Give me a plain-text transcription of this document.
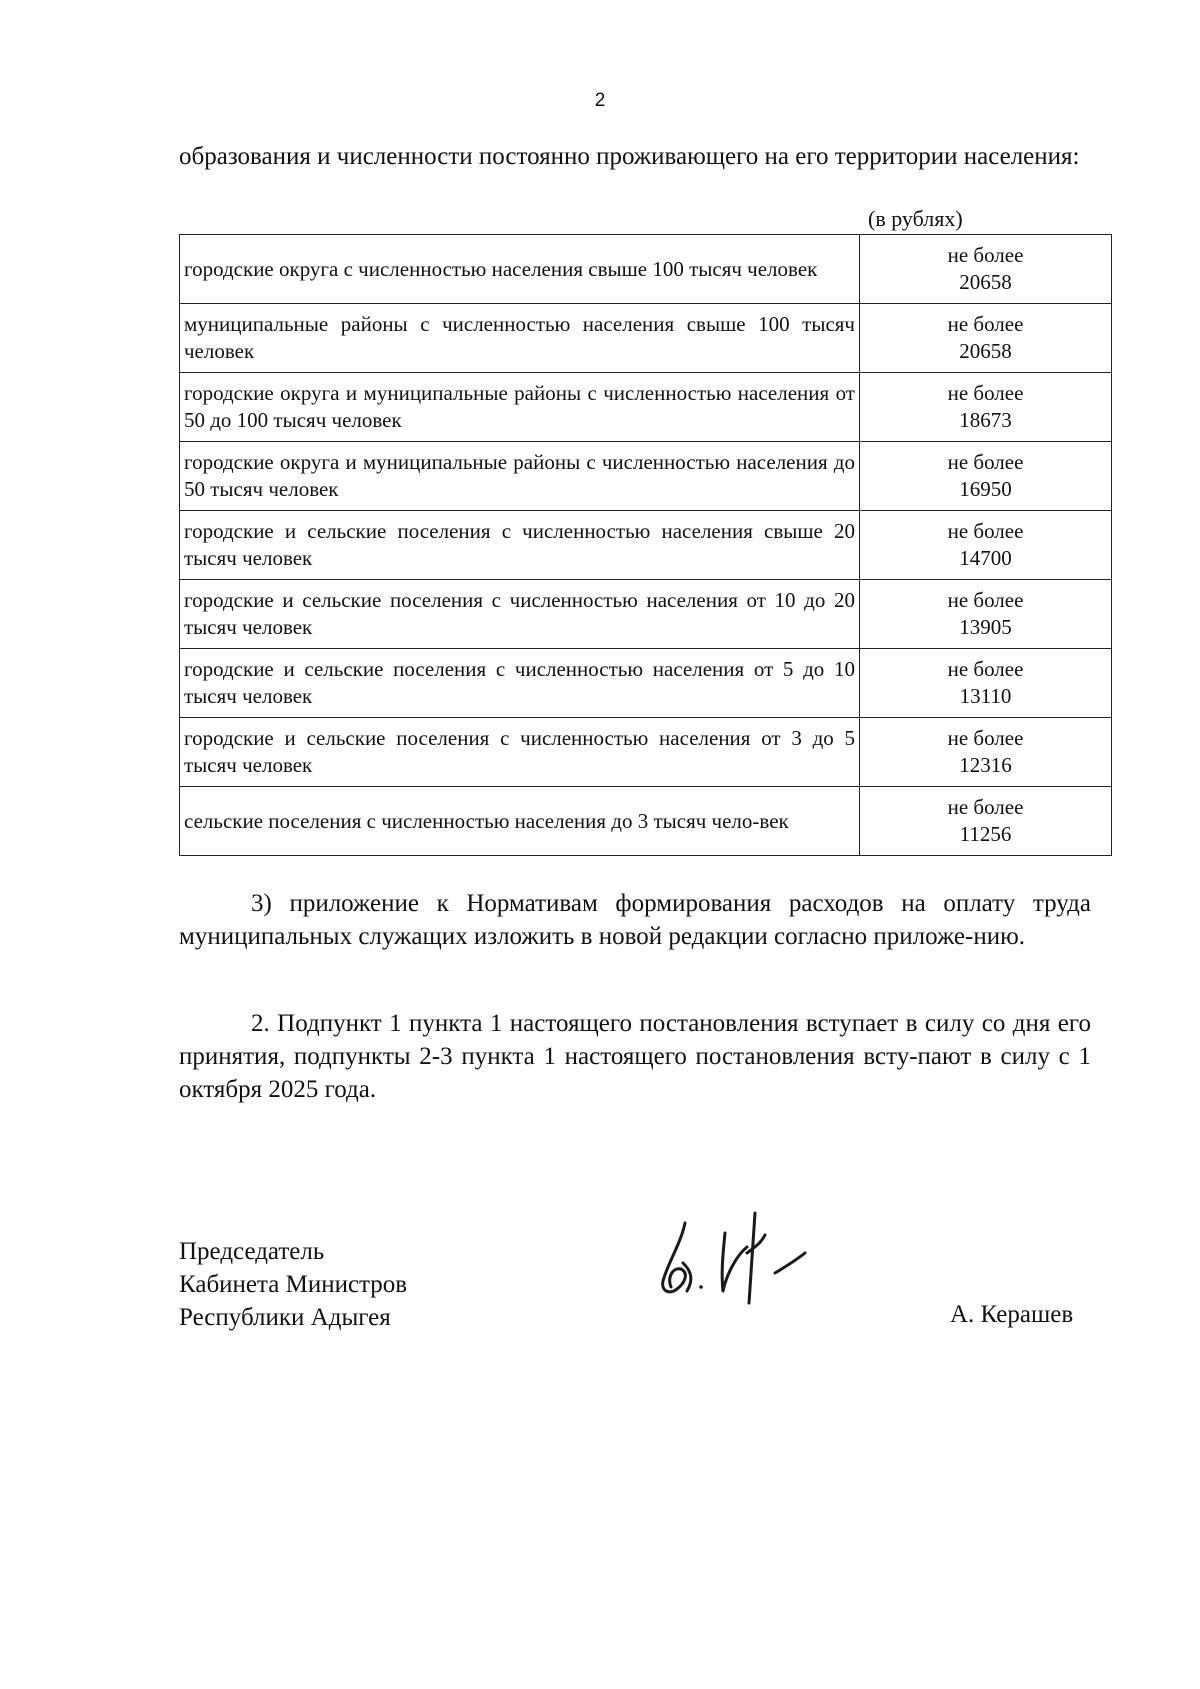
2

образования и численности постоянно проживающего на его территории населения:

(в рублях)
городские округа с численностью населения свыше 100 тысяч человек	не более
20658
муниципальные районы с численностью населения свыше 100 тысяч человек	не более
20658
городские округа и муниципальные районы с численностью населения от 50 до 100 тысяч человек	не более
18673
городские округа и муниципальные районы с численностью населения до 50 тысяч человек	не более
16950
городские и сельские поселения с численностью населения свыше 20 тысяч человек	не более
14700
городские и сельские поселения с численностью населения от 10 до 20 тысяч человек	не более
13905
городские и сельские поселения с численностью населения от 5 до 10 тысяч человек	не более
13110
городские и сельские поселения с численностью населения от 3 до 5 тысяч человек	не более
12316
сельские поселения с численностью населения до 3 тысяч чело-век	не более
11256

3) приложение к Нормативам формирования расходов на оплату труда муниципальных служащих изложить в новой редакции согласно приложе-нию.

2. Подпункт 1 пункта 1 настоящего постановления вступает в силу со дня его принятия, подпункты 2-3 пункта 1 настоящего постановления всту-пают в силу с 1 октября 2025 года.

Председатель
Кабинета Министров
Республики Адыгея	А. Керашев
